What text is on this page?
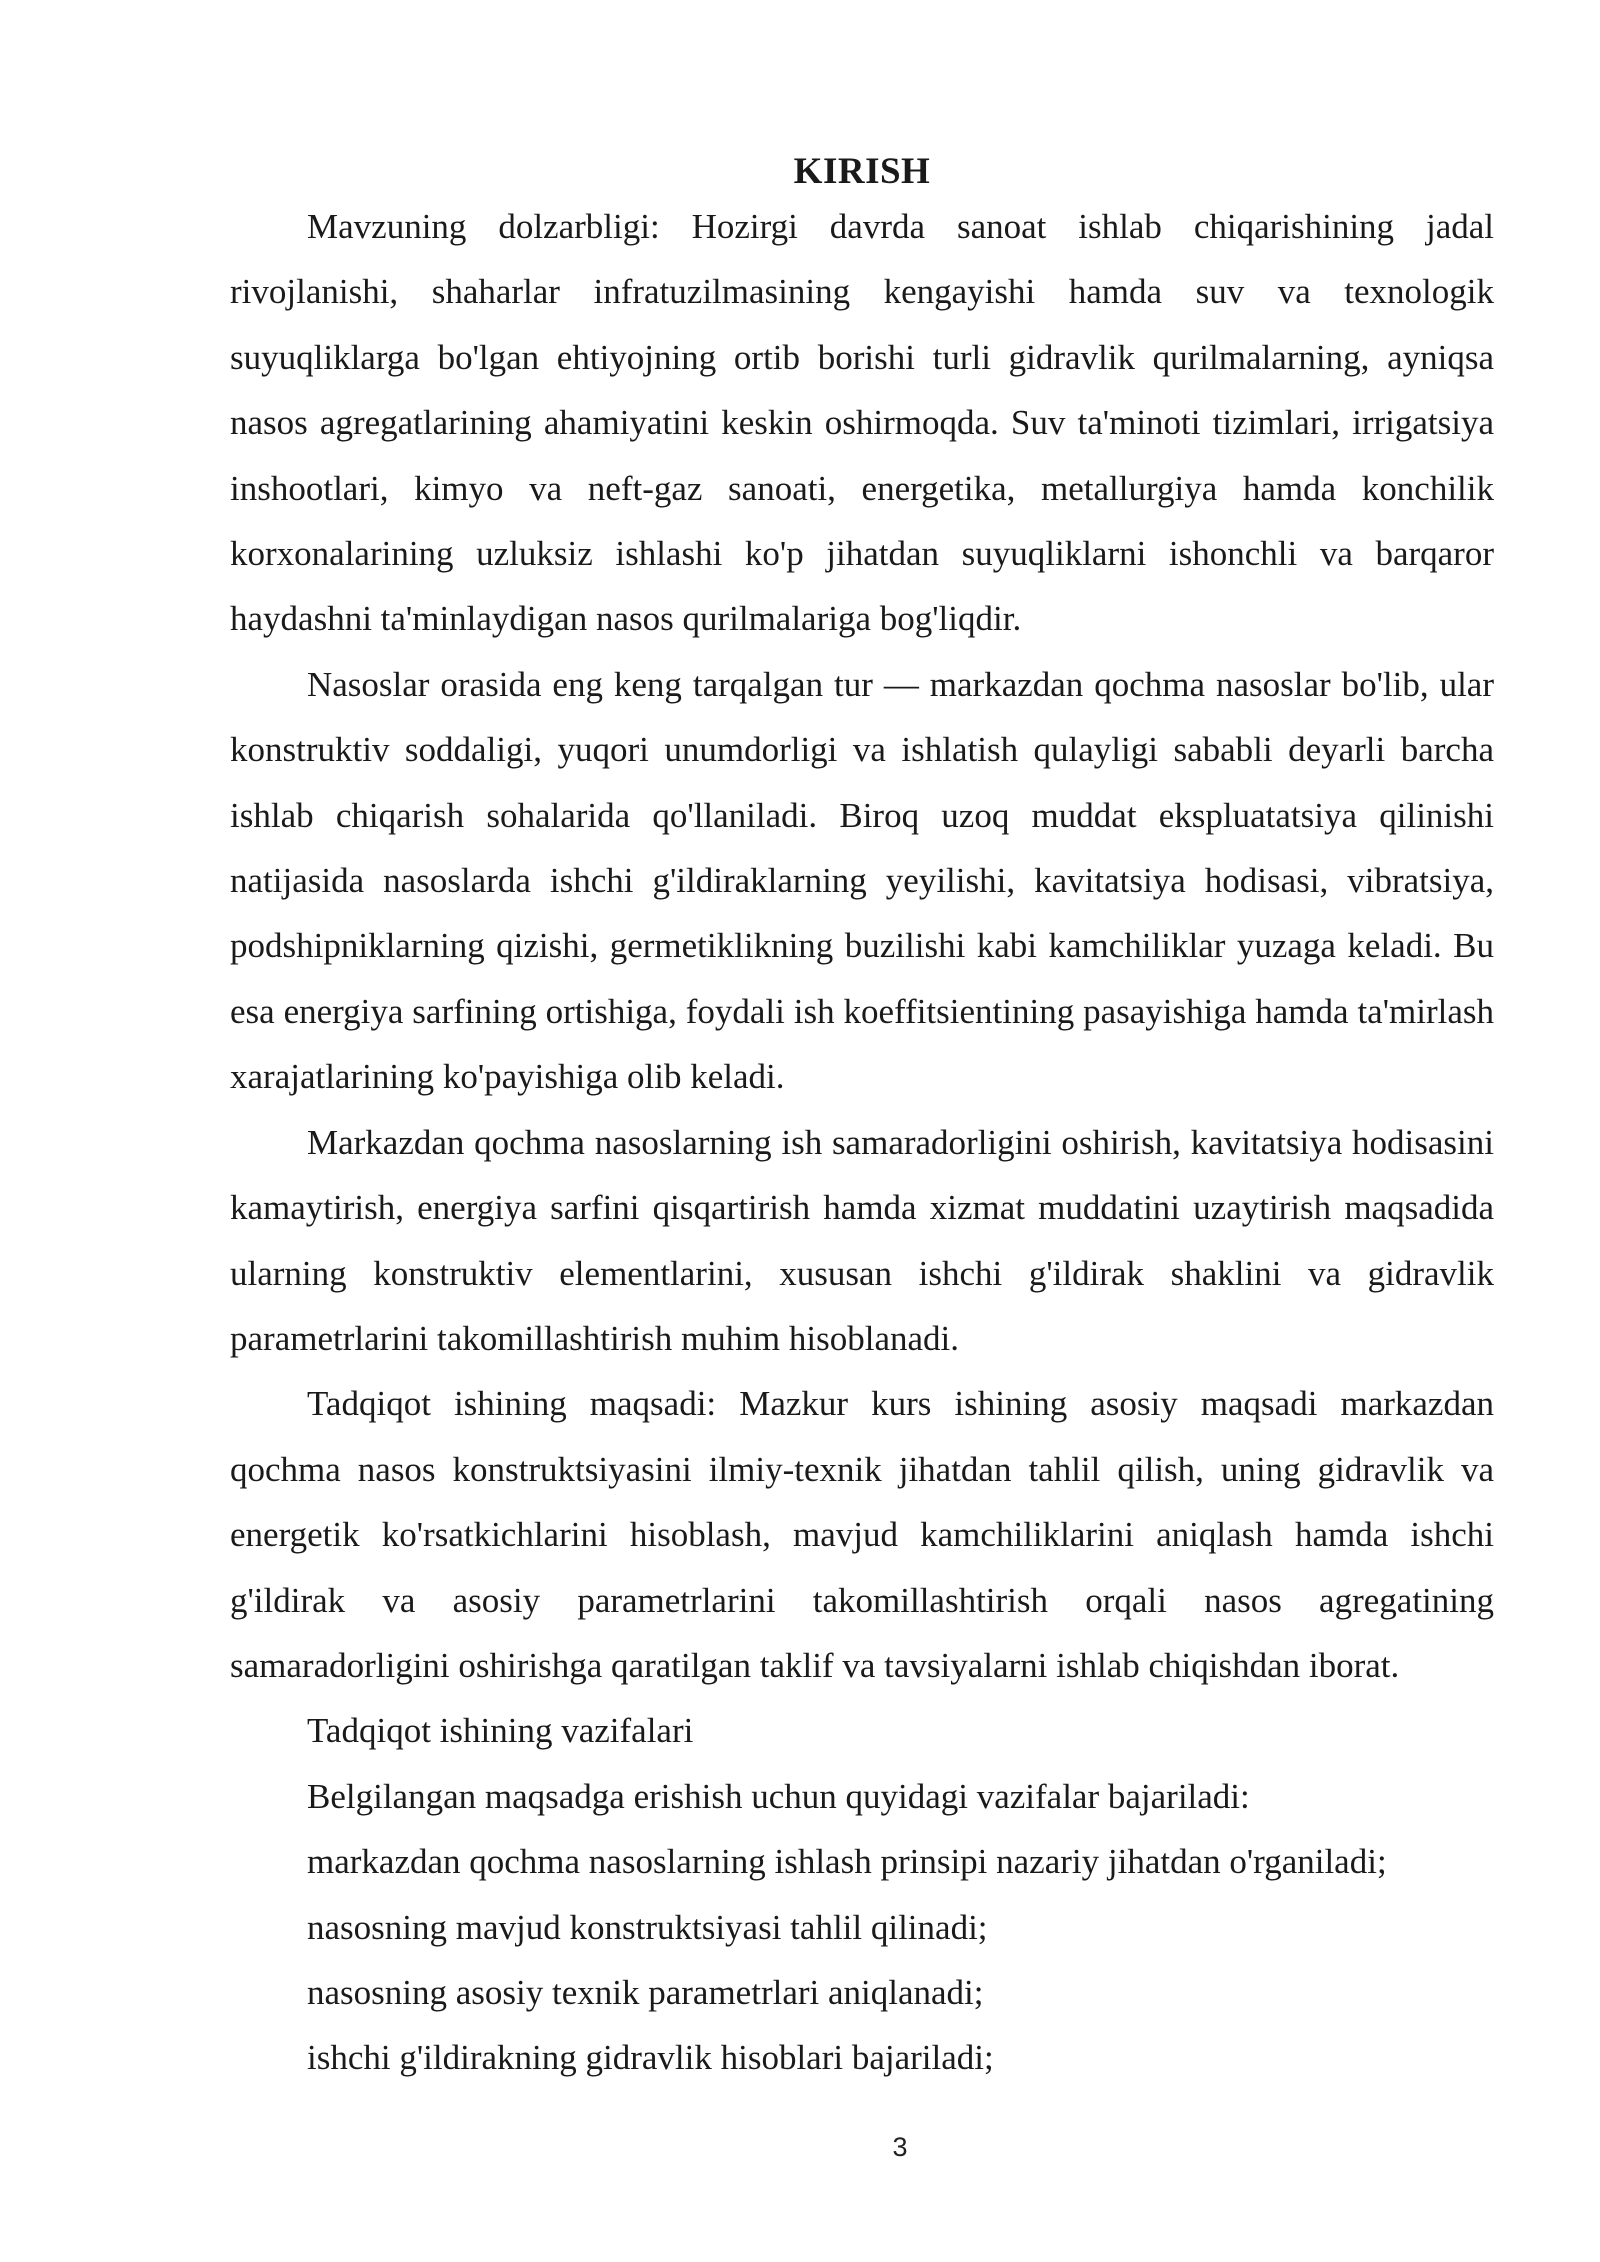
KIRISH

Mavzuning dolzarbligi: Hozirgi davrda sanoat ishlab chiqarishining jadal rivojlanishi, shaharlar infratuzilmasining kengayishi hamda suv va texnologik suyuqliklarga bo'lgan ehtiyojning ortib borishi turli gidravlik qurilmalarning, ayniqsa nasos agregatlarining ahamiyatini keskin oshirmoqda. Suv ta'minoti tizimlari, irrigatsiya inshootlari, kimyo va neft-gaz sanoati, energetika, metallurgiya hamda konchilik korxonalarining uzluksiz ishlashi ko'p jihatdan suyuqliklarni ishonchli va barqaror haydashni ta'minlaydigan nasos qurilmalariga bog'liqdir.

Nasoslar orasida eng keng tarqalgan tur — markazdan qochma nasoslar bo'lib, ular konstruktiv soddaligi, yuqori unumdorligi va ishlatish qulayligi sababli deyarli barcha ishlab chiqarish sohalarida qo'llaniladi. Biroq uzoq muddat ekspluatatsiya qilinishi natijasida nasoslarda ishchi g'ildiraklarning yeyilishi, kavitatsiya hodisasi, vibratsiya, podshipniklarning qizishi, germetiklikning buzilishi kabi kamchiliklar yuzaga keladi. Bu esa energiya sarfining ortishiga, foydali ish koeffitsientining pasayishiga hamda ta'mirlash xarajatlarining ko'payishiga olib keladi.

Markazdan qochma nasoslarning ish samaradorligini oshirish, kavitatsiya hodisasini kamaytirish, energiya sarfini qisqartirish hamda xizmat muddatini uzaytirish maqsadida ularning konstruktiv elementlarini, xususan ishchi g'ildirak shaklini va gidravlik parametrlarini takomillashtirish muhim hisoblanadi.

Tadqiqot ishining maqsadi: Mazkur kurs ishining asosiy maqsadi markazdan qochma nasos konstruktsiyasini ilmiy-texnik jihatdan tahlil qilish, uning gidravlik va energetik ko'rsatkichlarini hisoblash, mavjud kamchiliklarini aniqlash hamda ishchi g'ildirak va asosiy parametrlarini takomillashtirish orqali nasos agregatining samaradorligini oshirishga qaratilgan taklif va tavsiyalarni ishlab chiqishdan iborat.

Tadqiqot ishining vazifalari

Belgilangan maqsadga erishish uchun quyidagi vazifalar bajariladi:

markazdan qochma nasoslarning ishlash prinsipi nazariy jihatdan o'rganiladi;

nasosning mavjud konstruktsiyasi tahlil qilinadi;

nasosning asosiy texnik parametrlari aniqlanadi;

ishchi g'ildirakning gidravlik hisoblari bajariladi;

3
